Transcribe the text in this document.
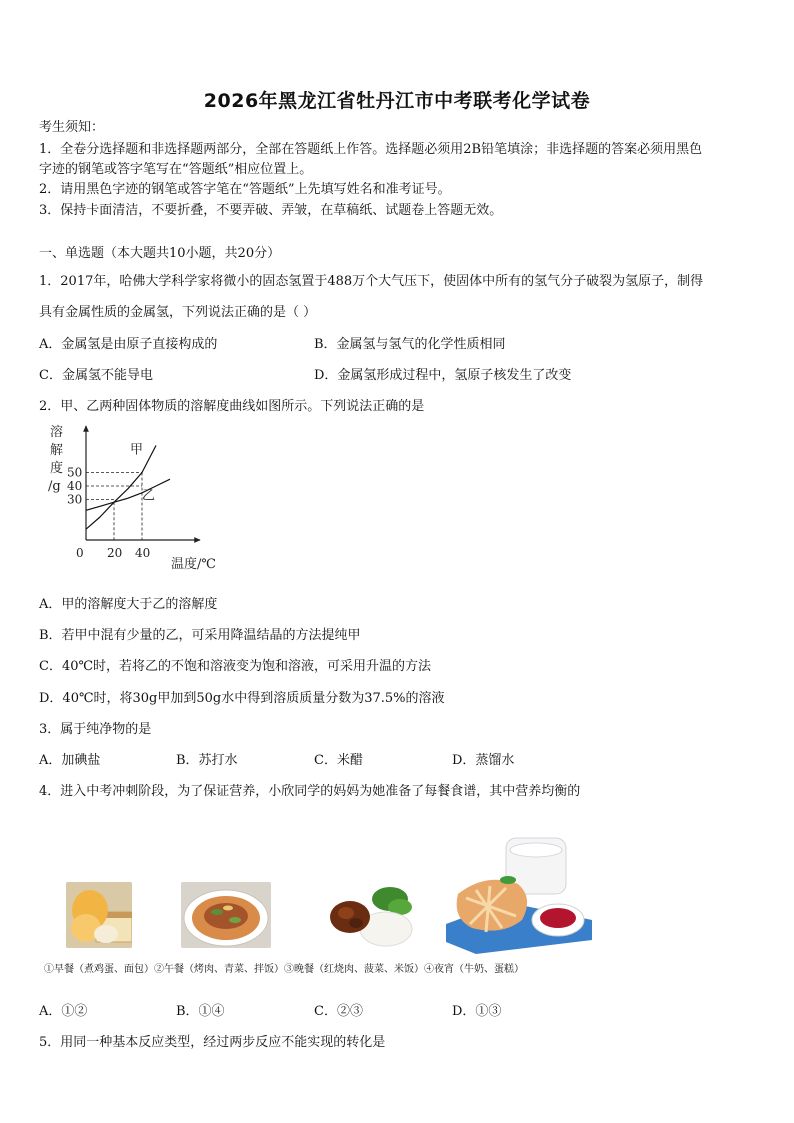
2026年黑龙江省牡丹江市中考联考化学试卷
考生须知：
1．全卷分选择题和非选择题两部分，全部在答题纸上作答。选择题必须用2B铅笔填涂；非选择题的答案必须用黑色
字迹的钢笔或答字笔写在“答题纸”相应位置上。
2．请用黑色字迹的钢笔或答字笔在“答题纸”上先填写姓名和准考证号。
3．保持卡面清洁，不要折叠，不要弄破、弄皱，在草稿纸、试题卷上答题无效。
一、单选题（本大题共10小题，共20分）
1．2017年，哈佛大学科学家将微小的固态氢置于488万个大气压下，使固体中所有的氢气分子破裂为氢原子，制得
具有金属性质的金属氢，下列说法正确的是（ ）
A．金属氢是由原子直接构成的	B．金属氢与氢气的化学性质相同
C．金属氢不能导电	D．金属氢形成过程中，氢原子核发生了改变
2．甲、乙两种固体物质的溶解度曲线如图所示。下列说法正确的是
溶
解
度
/g
温度/℃
0
30
40
50
20 40
甲
乙
A．甲的溶解度大于乙的溶解度
B．若甲中混有少量的乙，可采用降温结晶的方法提纯甲
C．40℃时，若将乙的不饱和溶液变为饱和溶液，可采用升温的方法
D．40℃时，将30g甲加到50g水中得到溶质质量分数为37.5%的溶液
3．属于纯净物的是
A．加碘盐	B．苏打水	C．米醋	D．蒸馏水
4．进入中考冲刺阶段，为了保证营养，小欣同学的妈妈为她准备了每餐食谱，其中营养均衡的
①早餐（煮鸡蛋、面包）②午餐（烤肉、青菜、拌饭）③晚餐（红烧肉、菠菜、米饭）④夜宵（牛奶、蛋糕）
A．①②	B．①④	C．②③	D．①③
5．用同一种基本反应类型，经过两步反应不能实现的转化是
